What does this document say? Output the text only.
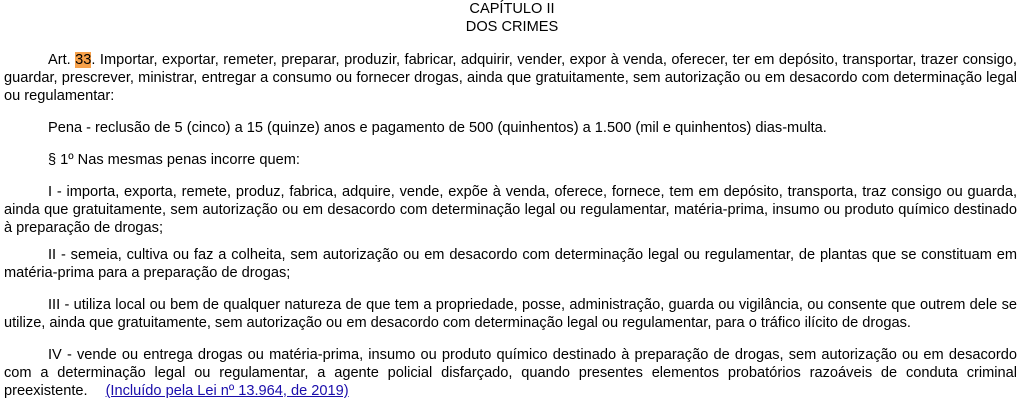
CAPÍTULO II
DOS CRIMES

Art. 33. Importar, exportar, remeter, preparar, produzir, fabricar, adquirir, vender, expor à venda, oferecer, ter em depósito, transportar, trazer consigo, guardar, prescrever, ministrar, entregar a consumo ou fornecer drogas, ainda que gratuitamente, sem autorização ou em desacordo com determinação legal ou regulamentar:

Pena - reclusão de 5 (cinco) a 15 (quinze) anos e pagamento de 500 (quinhentos) a 1.500 (mil e quinhentos) dias-multa.

§ 1º Nas mesmas penas incorre quem:

I - importa, exporta, remete, produz, fabrica, adquire, vende, expõe à venda, oferece, fornece, tem em depósito, transporta, traz consigo ou guarda, ainda que gratuitamente, sem autorização ou em desacordo com determinação legal ou regulamentar, matéria-prima, insumo ou produto químico destinado à preparação de drogas;

II - semeia, cultiva ou faz a colheita, sem autorização ou em desacordo com determinação legal ou regulamentar, de plantas que se constituam em matéria-prima para a preparação de drogas;

III - utiliza local ou bem de qualquer natureza de que tem a propriedade, posse, administração, guarda ou vigilância, ou consente que outrem dele se utilize, ainda que gratuitamente, sem autorização ou em desacordo com determinação legal ou regulamentar, para o tráfico ilícito de drogas.

IV - vende ou entrega drogas ou matéria-prima, insumo ou produto químico destinado à preparação de drogas, sem autorização ou em desacordo com a determinação legal ou regulamentar, a agente policial disfarçado, quando presentes elementos probatórios razoáveis de conduta criminal preexistente. (Incluído pela Lei nº 13.964, de 2019)
